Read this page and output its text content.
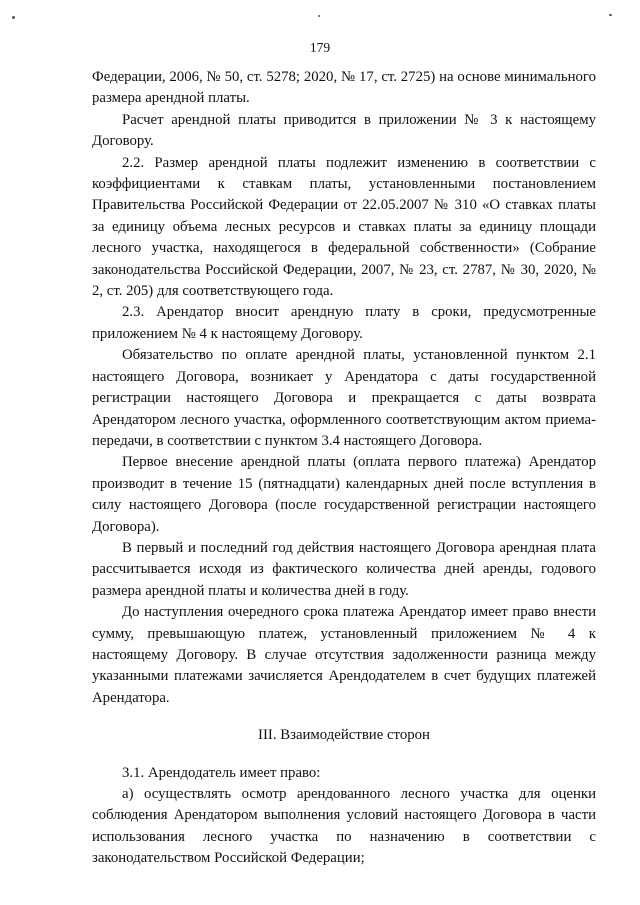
179

Федерации, 2006, № 50, ст. 5278; 2020, № 17, ст. 2725) на основе минимального размера арендной платы.

Расчет арендной платы приводится в приложении № 3 к настоящему Договору.

2.2. Размер арендной платы подлежит изменению в соответствии с коэффициентами к ставкам платы, установленными постановлением Правительства Российской Федерации от 22.05.2007 № 310 «О ставках платы за единицу объема лесных ресурсов и ставках платы за единицу площади лесного участка, находящегося в федеральной собственности» (Собрание законодательства Российской Федерации, 2007, № 23, ст. 2787, № 30, 2020, № 2, ст. 205) для соответствующего года.

2.3. Арендатор вносит арендную плату в сроки, предусмотренные приложением № 4 к настоящему Договору.

Обязательство по оплате арендной платы, установленной пунктом 2.1 настоящего Договора, возникает у Арендатора с даты государственной регистрации настоящего Договора и прекращается с даты возврата Арендатором лесного участка, оформленного соответствующим актом приема-передачи, в соответствии с пунктом 3.4 настоящего Договора.

Первое внесение арендной платы (оплата первого платежа) Арендатор производит в течение 15 (пятнадцати) календарных дней после вступления в силу настоящего Договора (после государственной регистрации настоящего Договора).

В первый и последний год действия настоящего Договора арендная плата рассчитывается исходя из фактического количества дней аренды, годового размера арендной платы и количества дней в году.

До наступления очередного срока платежа Арендатор имеет право внести сумму, превышающую платеж, установленный приложением № 4 к настоящему Договору. В случае отсутствия задолженности разница между указанными платежами зачисляется Арендодателем в счет будущих платежей Арендатора.

III. Взаимодействие сторон

3.1. Арендодатель имеет право:

а) осуществлять осмотр арендованного лесного участка для оценки соблюдения Арендатором выполнения условий настоящего Договора в части использования лесного участка по назначению в соответствии с законодательством Российской Федерации;
